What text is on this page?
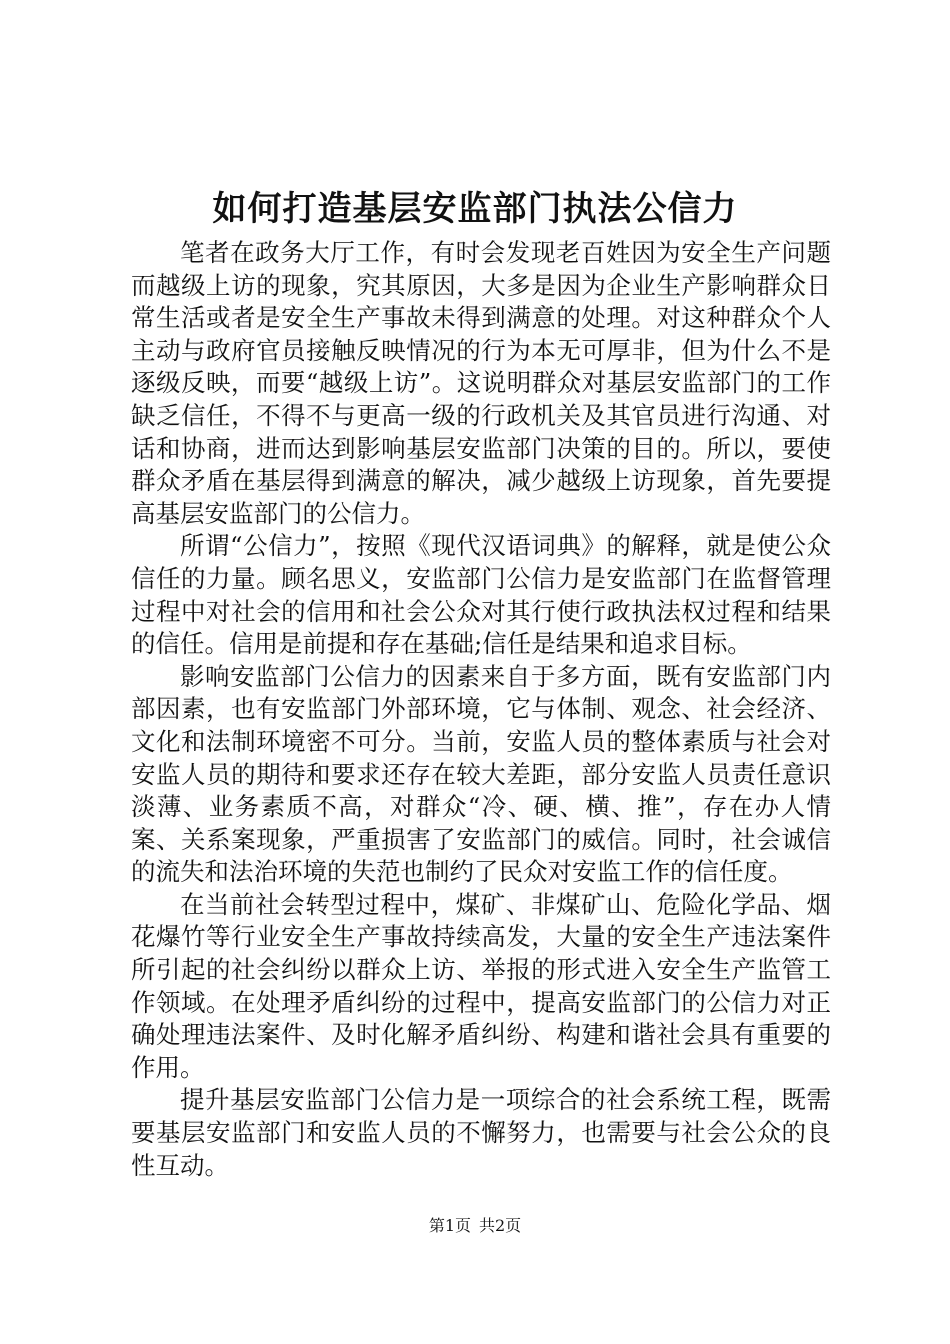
如何打造基层安监部门执法公信力

笔者在政务大厅工作，有时会发现老百姓因为安全生产问题而越级上访的现象，究其原因，大多是因为企业生产影响群众日常生活或者是安全生产事故未得到满意的处理。对这种群众个人主动与政府官员接触反映情况的行为本无可厚非，但为什么不是逐级反映，而要“越级上访”。这说明群众对基层安监部门的工作缺乏信任，不得不与更高一级的行政机关及其官员进行沟通、对话和协商，进而达到影响基层安监部门决策的目的。所以，要使群众矛盾在基层得到满意的解决，减少越级上访现象，首先要提高基层安监部门的公信力。

所谓“公信力”，按照《现代汉语词典》的解释，就是使公众信任的力量。顾名思义，安监部门公信力是安监部门在监督管理过程中对社会的信用和社会公众对其行使行政执法权过程和结果的信任。信用是前提和存在基础;信任是结果和追求目标。

影响安监部门公信力的因素来自于多方面，既有安监部门内部因素，也有安监部门外部环境，它与体制、观念、社会经济、文化和法制环境密不可分。当前，安监人员的整体素质与社会对安监人员的期待和要求还存在较大差距，部分安监人员责任意识淡薄、业务素质不高，对群众“冷、硬、横、推”，存在办人情案、关系案现象，严重损害了安监部门的威信。同时，社会诚信的流失和法治环境的失范也制约了民众对安监工作的信任度。

在当前社会转型过程中，煤矿、非煤矿山、危险化学品、烟花爆竹等行业安全生产事故持续高发，大量的安全生产违法案件所引起的社会纠纷以群众上访、举报的形式进入安全生产监管工作领域。在处理矛盾纠纷的过程中，提高安监部门的公信力对正确处理违法案件、及时化解矛盾纠纷、构建和谐社会具有重要的作用。

提升基层安监部门公信力是一项综合的社会系统工程，既需要基层安监部门和安监人员的不懈努力，也需要与社会公众的良性互动。

第1页 共2页
